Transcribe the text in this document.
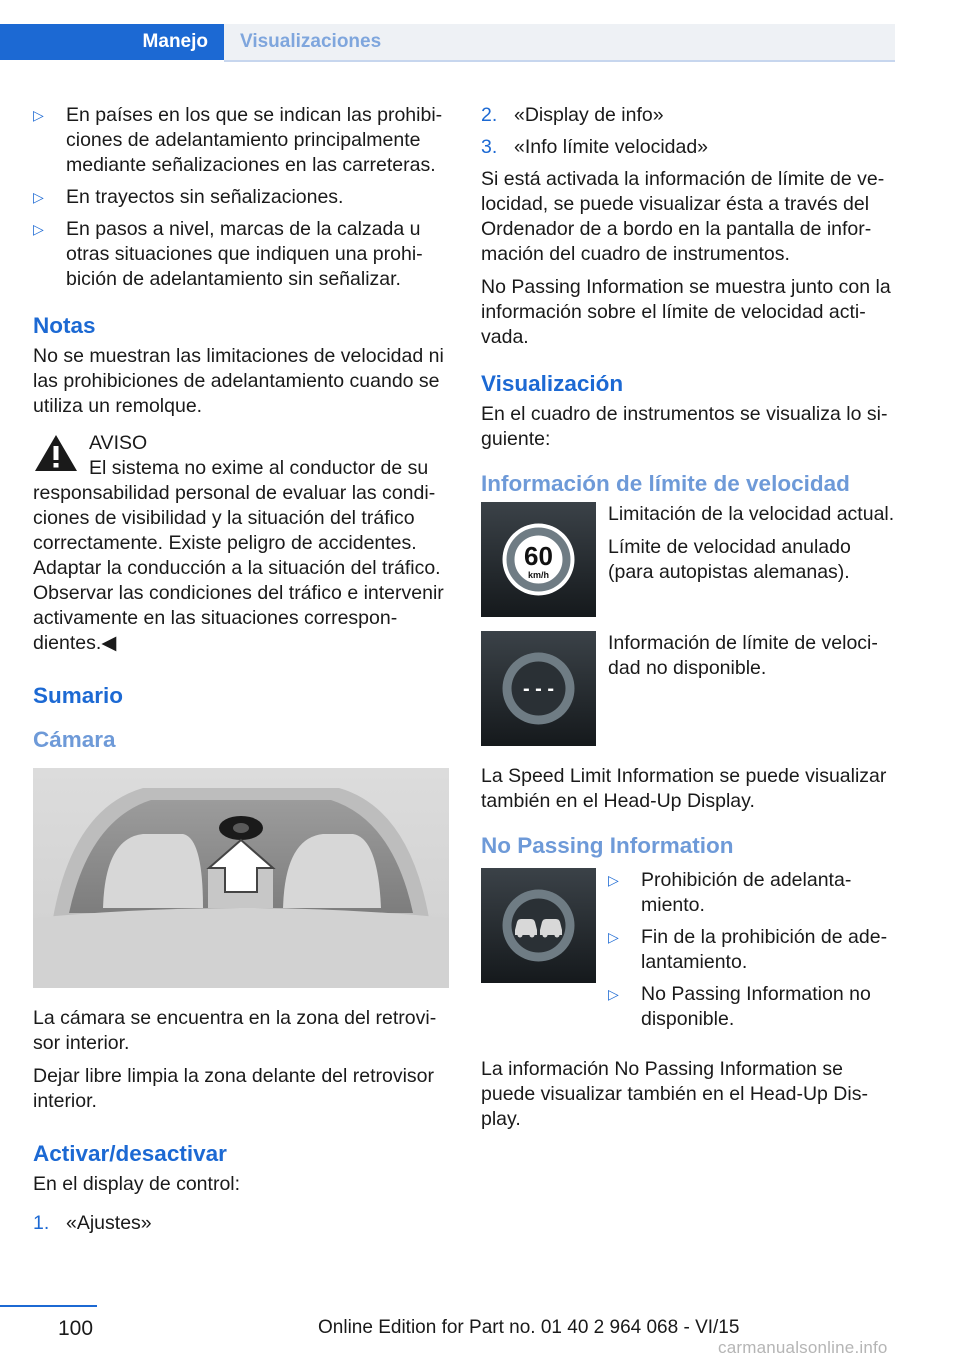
Manejo	Visualizaciones
▷ En países en los que se indican las prohibiciones de adelantamiento principalmente mediante señalizaciones en las carreteras.
▷ En trayectos sin señalizaciones.
▷ En pasos a nivel, marcas de la calzada u otras situaciones que indiquen una prohibición de adelantamiento sin señalizar.
Notas

No se muestran las limitaciones de velocidad ni las prohibiciones de adelantamiento cuando se utiliza un remolque.

AVISO
El sistema no exime al conductor de su responsabilidad personal de evaluar las condiciones de visibilidad y la situación del tráfico correctamente. Existe peligro de accidentes. Adaptar la conducción a la situación del tráfico. Observar las condiciones del tráfico e intervenir activamente en las situaciones correspondientes.◀
Sumario
Cámara

La cámara se encuentra en la zona del retrovisor interior.

Dejar libre limpia la zona delante del retrovisor interior.

Activar/desactivar

En el display de control:

1. «Ajustes»
2. «Display de info»
3. «Info límite velocidad»

Si está activada la información de límite de velocidad, se puede visualizar ésta a través del Ordenador de a bordo en la pantalla de información del cuadro de instrumentos.

No Passing Information se muestra junto con la información sobre el límite de velocidad activada.

Visualización

En el cuadro de instrumentos se visualiza lo siguiente:

Información de límite de velocidad
60
km/h

Limitación de la velocidad actual.

Límite de velocidad anulado (para autopistas alemanas).

- - -

Información de límite de velocidad no disponible.

La Speed Limit Information se puede visualizar también en el Head-Up Display.

No Passing Information
▷ Prohibición de adelantamiento.
▷ Fin de la prohibición de adelantamiento.
▷ No Passing Information no disponible.

La información No Passing Information se puede visualizar también en el Head-Up Display.

100	Online Edition for Part no. 01 40 2 964 068 - VI/15
carmanualsonline.info
